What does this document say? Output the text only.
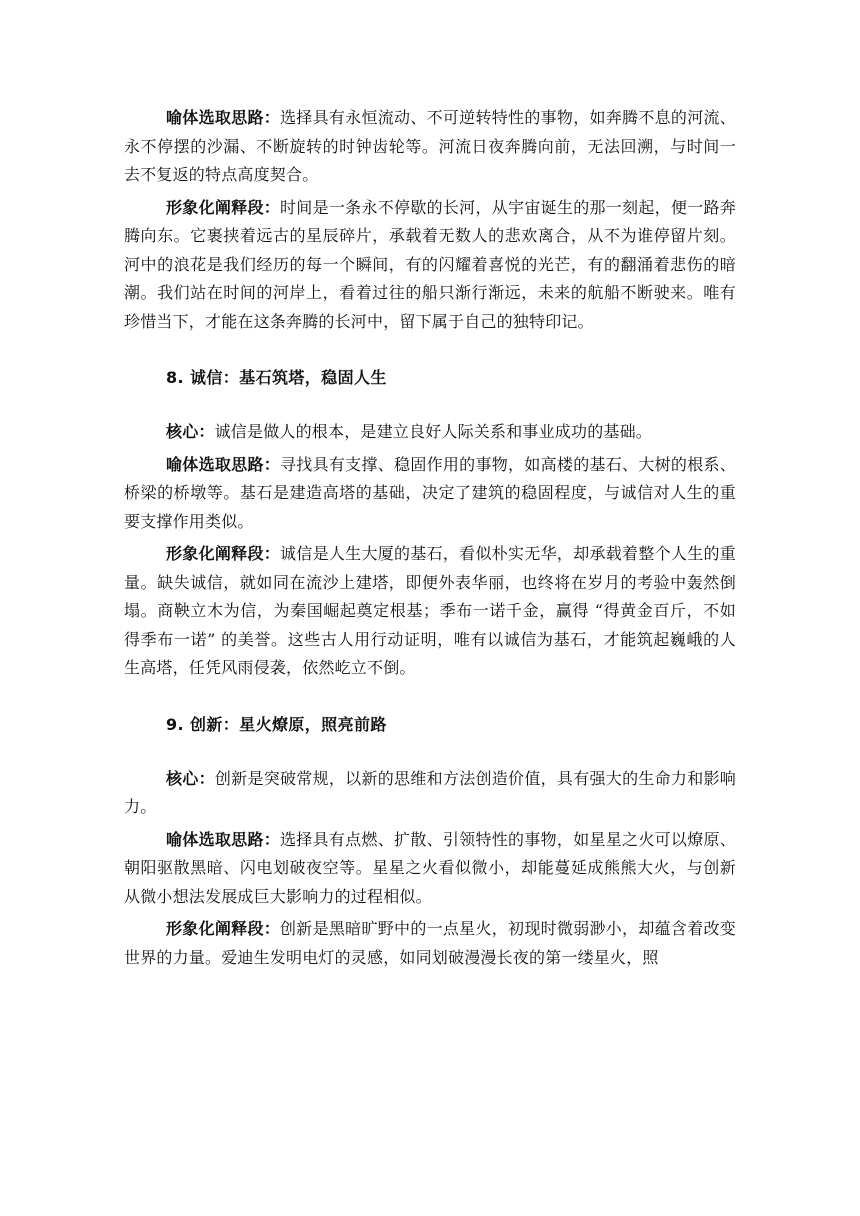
喻体选取思路：选择具有永恒流动、不可逆转特性的事物，如奔腾不息的河流、永不停摆的沙漏、不断旋转的时钟齿轮等。河流日夜奔腾向前，无法回溯，与时间一去不复返的特点高度契合。

形象化阐释段：时间是一条永不停歇的长河，从宇宙诞生的那一刻起，便一路奔腾向东。它裹挟着远古的星辰碎片，承载着无数人的悲欢离合，从不为谁停留片刻。河中的浪花是我们经历的每一个瞬间，有的闪耀着喜悦的光芒，有的翻涌着悲伤的暗潮。我们站在时间的河岸上，看着过往的船只渐行渐远，未来的航船不断驶来。唯有珍惜当下，才能在这条奔腾的长河中，留下属于自己的独特印记。

8. 诚信：基石筑塔，稳固人生

核心：诚信是做人的根本，是建立良好人际关系和事业成功的基础。

喻体选取思路：寻找具有支撑、稳固作用的事物，如高楼的基石、大树的根系、桥梁的桥墩等。基石是建造高塔的基础，决定了建筑的稳固程度，与诚信对人生的重要支撑作用类似。

形象化阐释段：诚信是人生大厦的基石，看似朴实无华，却承载着整个人生的重量。缺失诚信，就如同在流沙上建塔，即便外表华丽，也终将在岁月的考验中轰然倒塌。商鞅立木为信，为秦国崛起奠定根基；季布一诺千金，赢得 “得黄金百斤，不如得季布一诺” 的美誉。这些古人用行动证明，唯有以诚信为基石，才能筑起巍峨的人生高塔，任凭风雨侵袭，依然屹立不倒。

9. 创新：星火燎原，照亮前路

核心：创新是突破常规，以新的思维和方法创造价值，具有强大的生命力和影响力。

喻体选取思路：选择具有点燃、扩散、引领特性的事物，如星星之火可以燎原、朝阳驱散黑暗、闪电划破夜空等。星星之火看似微小，却能蔓延成熊熊大火，与创新从微小想法发展成巨大影响力的过程相似。

形象化阐释段：创新是黑暗旷野中的一点星火，初现时微弱渺小，却蕴含着改变世界的力量。爱迪生发明电灯的灵感，如同划破漫漫长夜的第一缕星火，照
